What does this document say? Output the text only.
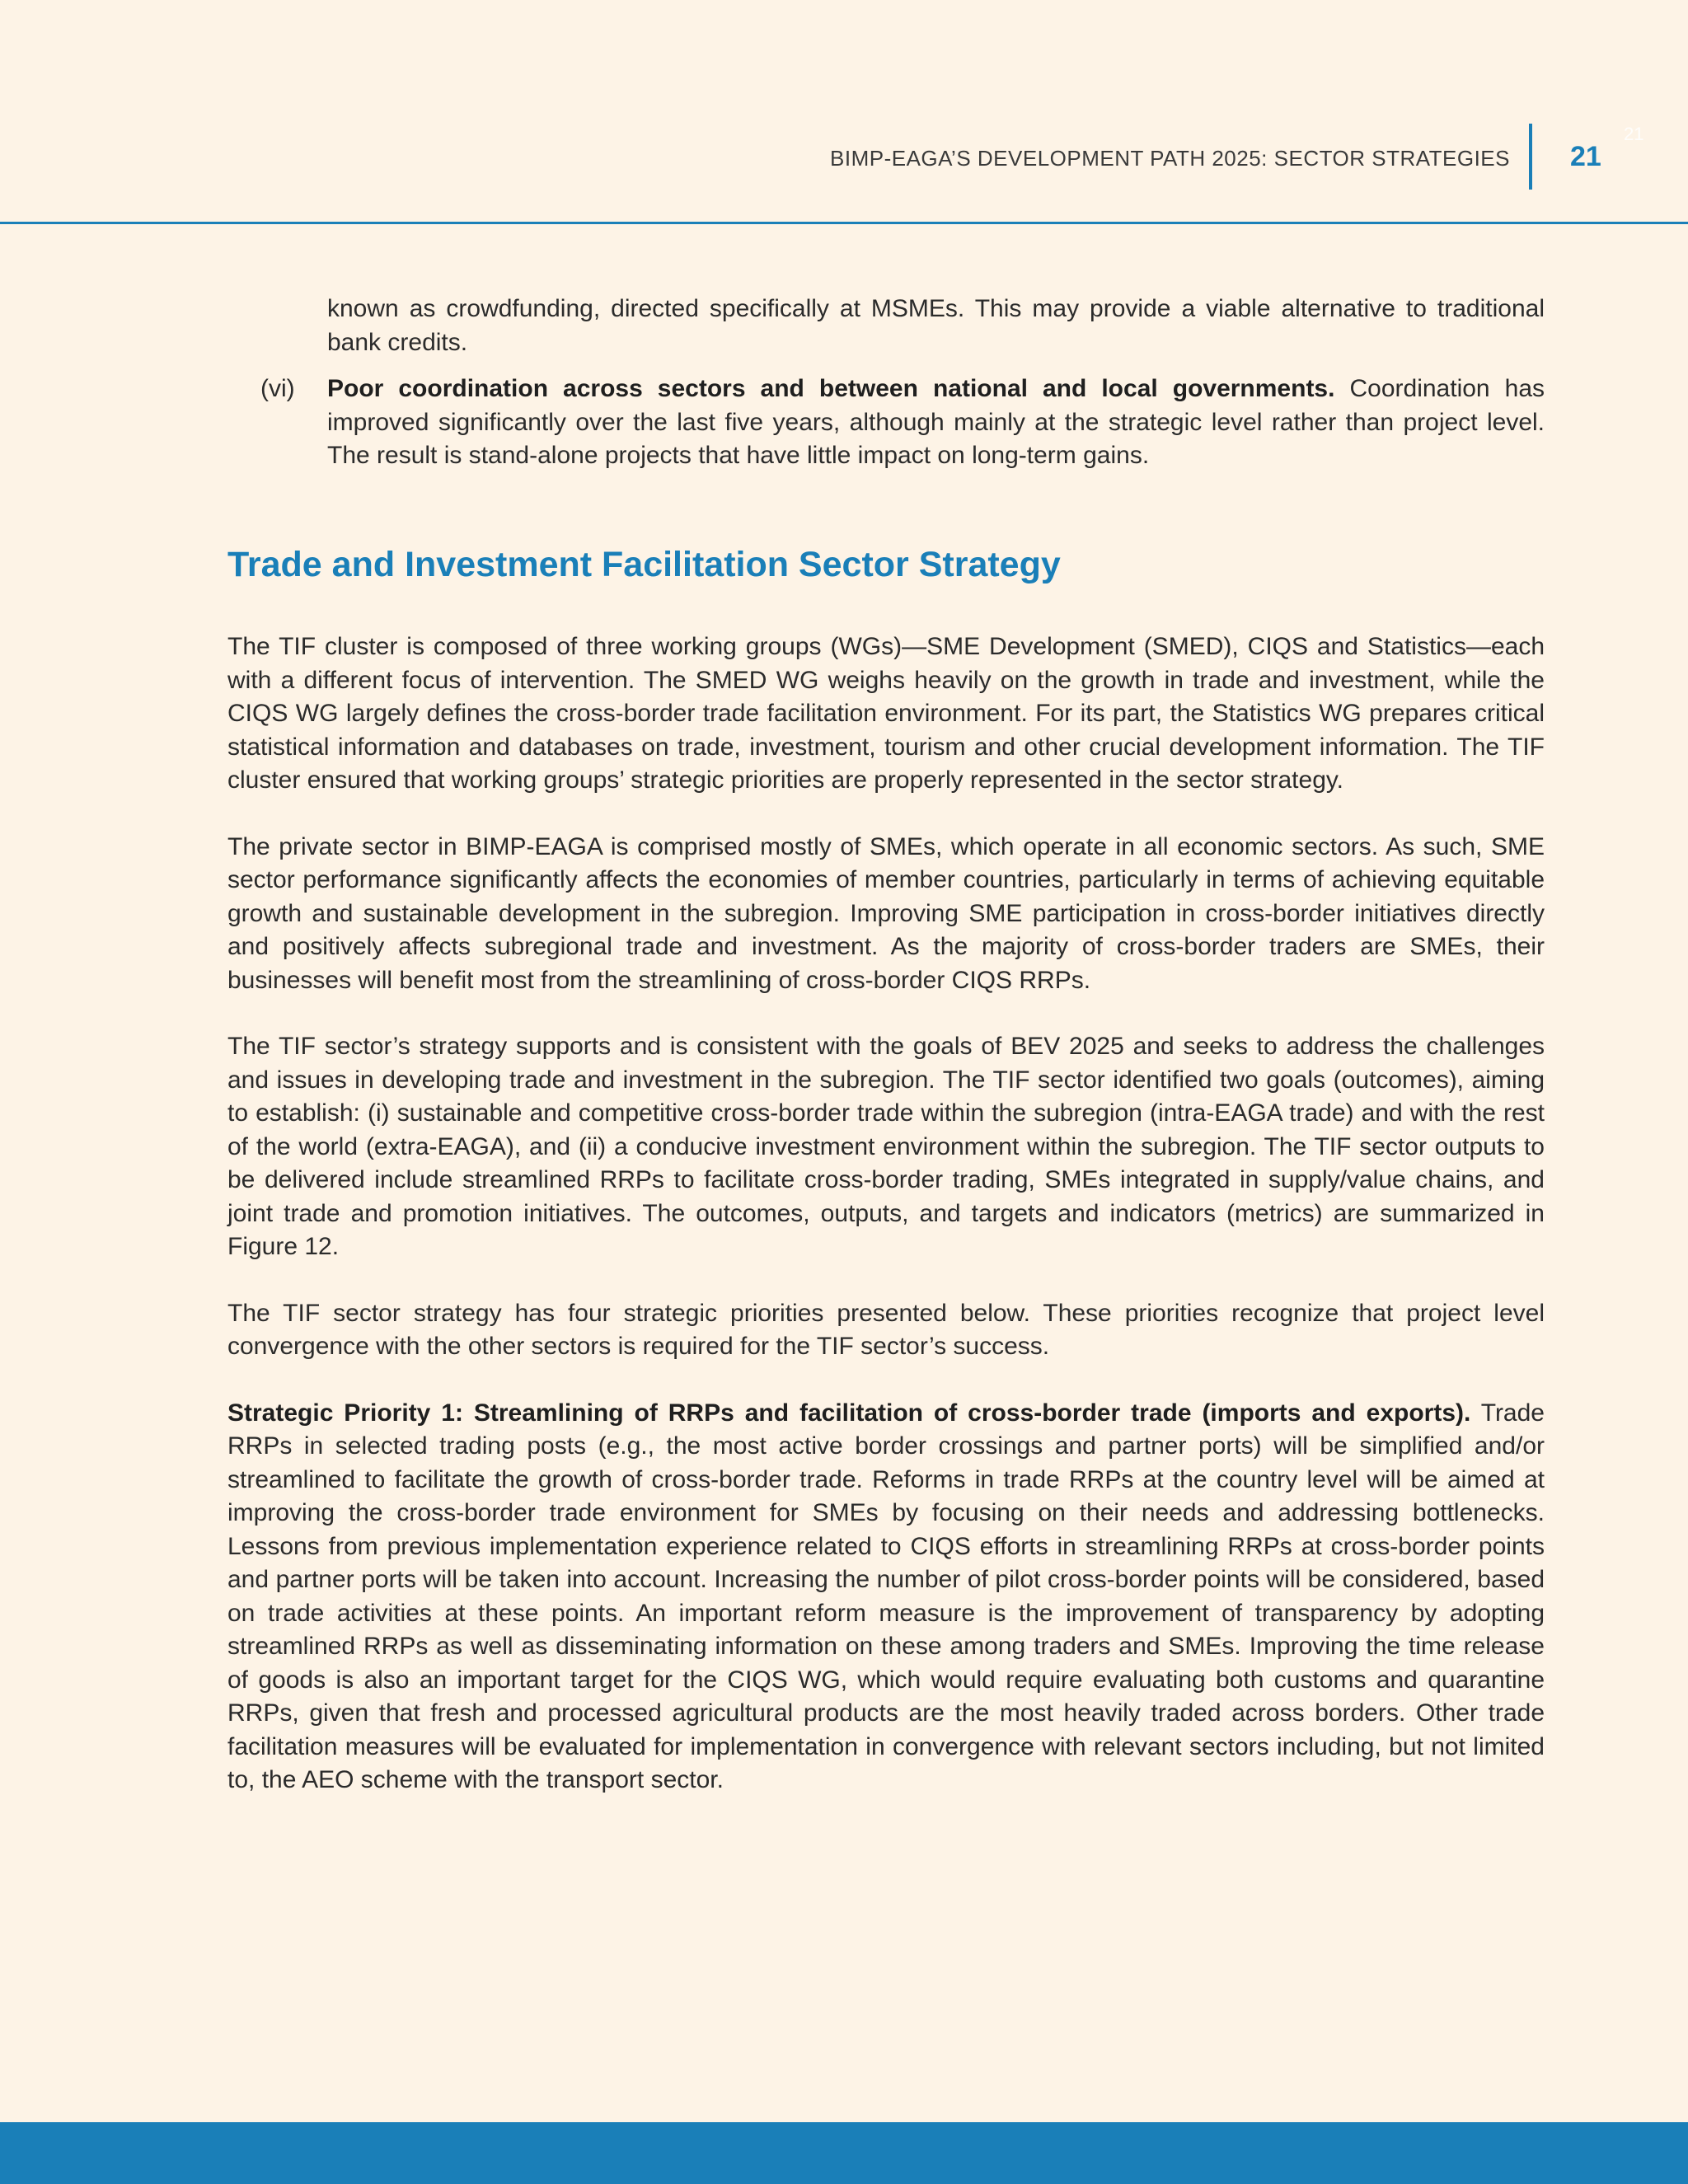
BIMP-EAGA’S DEVELOPMENT PATH 2025: SECTOR STRATEGIES 21
21
known as crowdfunding, directed specifically at MSMEs. This may provide a viable alternative to traditional bank credits.
(vi) Poor coordination across sectors and between national and local governments. Coordination has improved significantly over the last five years, although mainly at the strategic level rather than project level. The result is stand-alone projects that have little impact on long-term gains.
Trade and Investment Facilitation Sector Strategy

The TIF cluster is composed of three working groups (WGs)—SME Development (SMED), CIQS and Statistics—each with a different focus of intervention. The SMED WG weighs heavily on the growth in trade and investment, while the CIQS WG largely defines the cross-border trade facilitation environment. For its part, the Statistics WG prepares critical statistical information and databases on trade, investment, tourism and other crucial development information. The TIF cluster ensured that working groups’ strategic priorities are properly represented in the sector strategy.

The private sector in BIMP-EAGA is comprised mostly of SMEs, which operate in all economic sectors. As such, SME sector performance significantly affects the economies of member countries, particularly in terms of achieving equitable growth and sustainable development in the subregion. Improving SME participation in cross-border initiatives directly and positively affects subregional trade and investment. As the majority of cross-border traders are SMEs, their businesses will benefit most from the streamlining of cross-border CIQS RRPs.

The TIF sector’s strategy supports and is consistent with the goals of BEV 2025 and seeks to address the challenges and issues in developing trade and investment in the subregion. The TIF sector identified two goals (outcomes), aiming to establish: (i) sustainable and competitive cross-border trade within the subregion (intra-EAGA trade) and with the rest of the world (extra-EAGA), and (ii) a conducive investment environment within the subregion. The TIF sector outputs to be delivered include streamlined RRPs to facilitate cross-border trading, SMEs integrated in supply/value chains, and joint trade and promotion initiatives. The outcomes, outputs, and targets and indicators (metrics) are summarized in Figure 12.

The TIF sector strategy has four strategic priorities presented below. These priorities recognize that project level convergence with the other sectors is required for the TIF sector’s success.

Strategic Priority 1: Streamlining of RRPs and facilitation of cross-border trade (imports and exports). Trade RRPs in selected trading posts (e.g., the most active border crossings and partner ports) will be simplified and/or streamlined to facilitate the growth of cross-border trade. Reforms in trade RRPs at the country level will be aimed at improving the cross-border trade environment for SMEs by focusing on their needs and addressing bottlenecks. Lessons from previous implementation experience related to CIQS efforts in streamlining RRPs at cross-border points and partner ports will be taken into account. Increasing the number of pilot cross-border points will be considered, based on trade activities at these points. An important reform measure is the improvement of transparency by adopting streamlined RRPs as well as disseminating information on these among traders and SMEs. Improving the time release of goods is also an important target for the CIQS WG, which would require evaluating both customs and quarantine RRPs, given that fresh and processed agricultural products are the most heavily traded across borders. Other trade facilitation measures will be evaluated for implementation in convergence with relevant sectors including, but not limited to, the AEO scheme with the transport sector.
